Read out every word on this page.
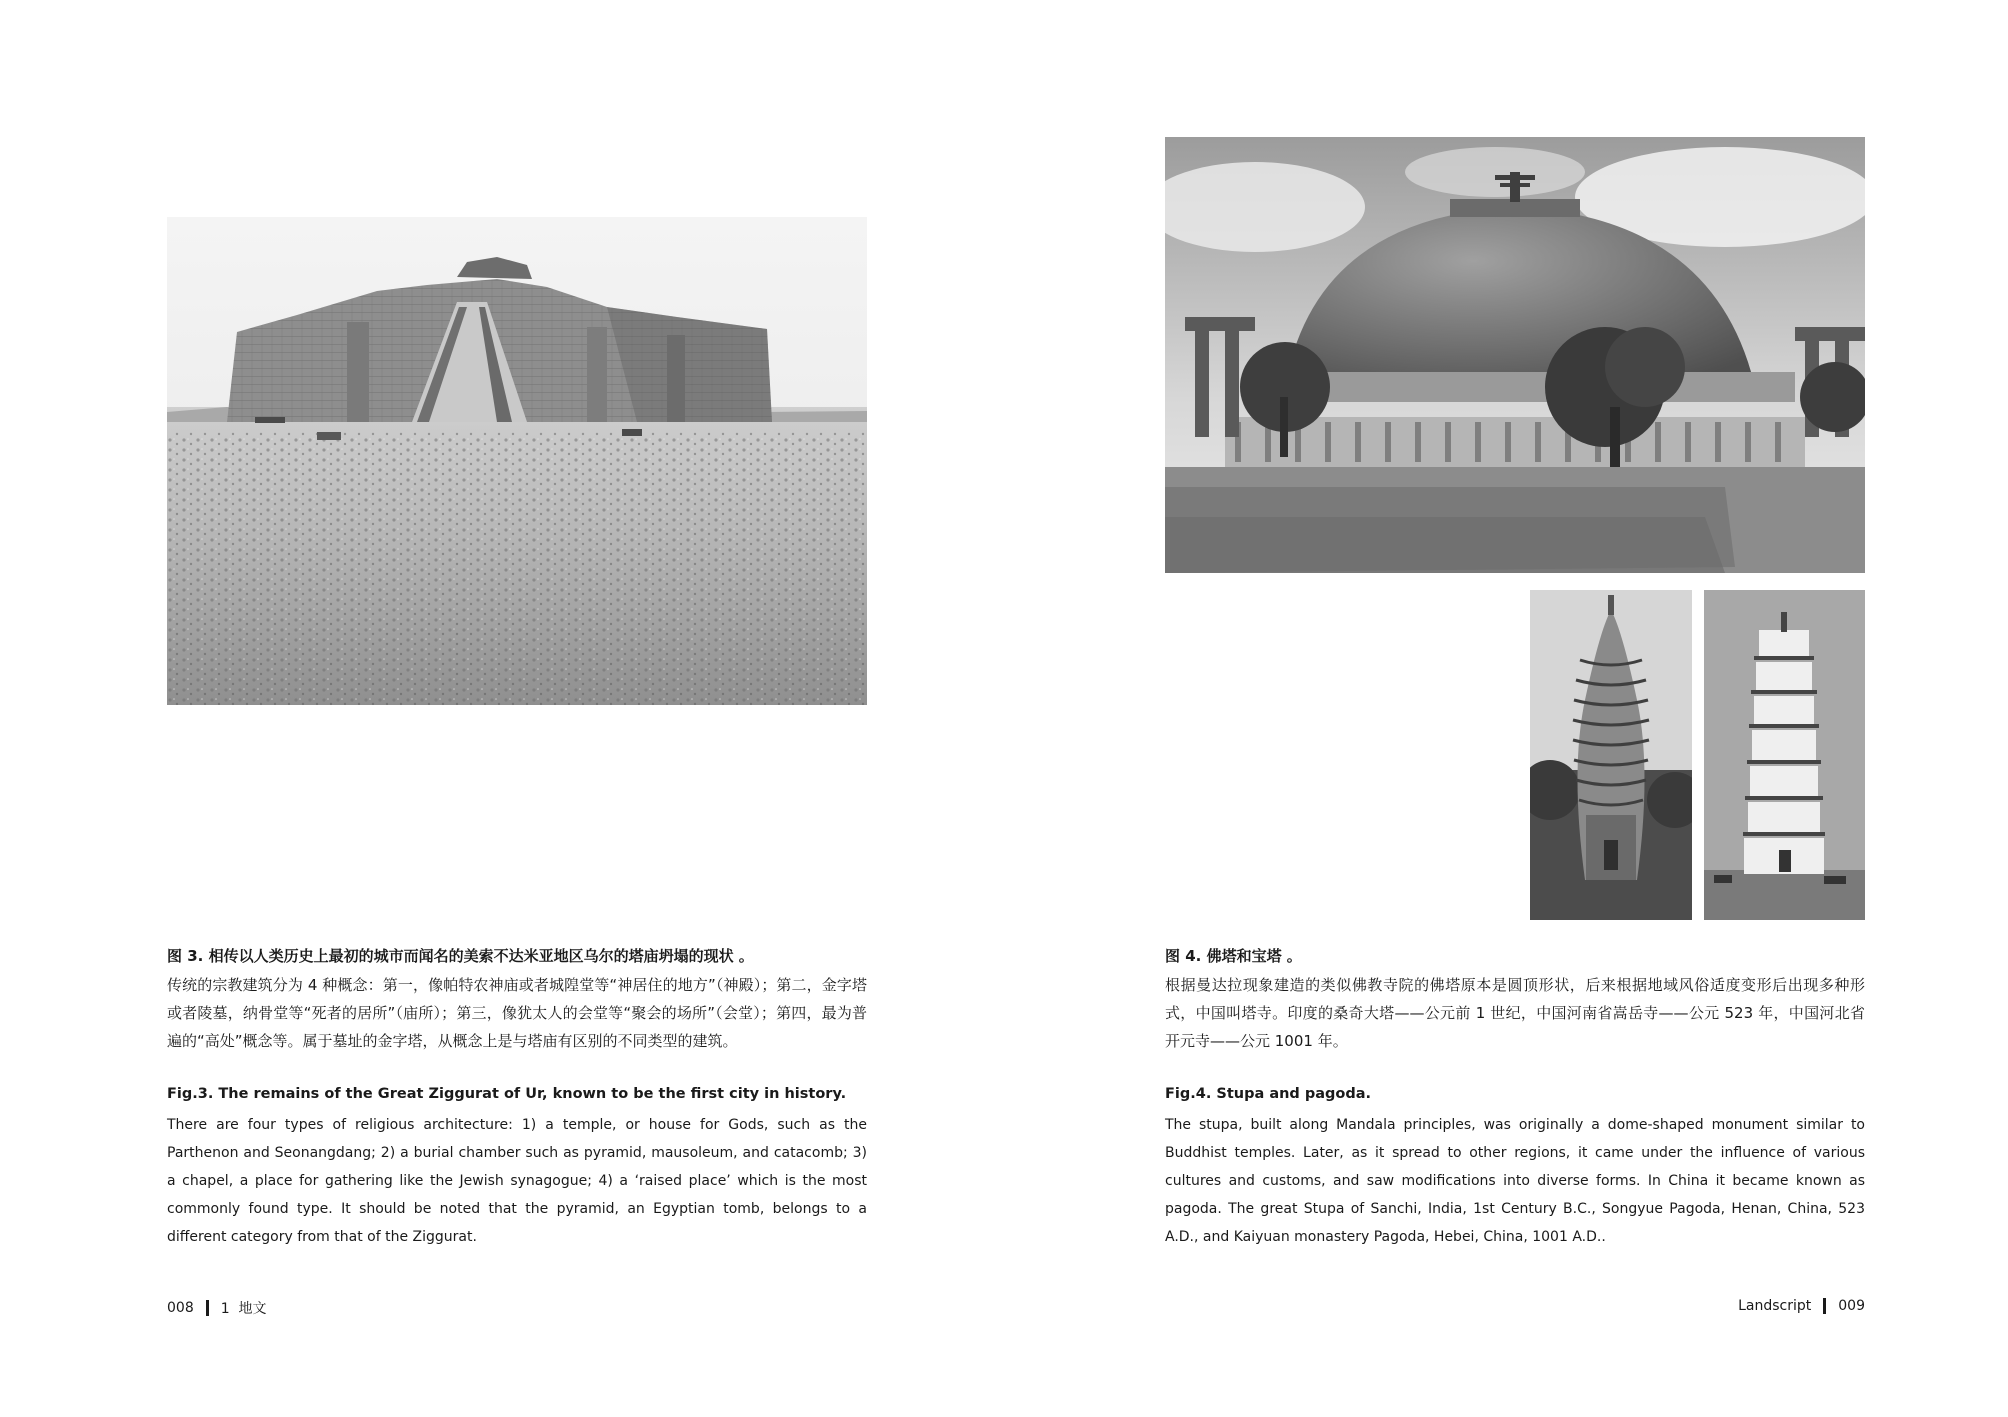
图 3. 相传以人类历史上最初的城市而闻名的美索不达米亚地区乌尔的塔庙坍塌的现状 。

传统的宗教建筑分为 4 种概念：第一，像帕特农神庙或者城隍堂等“神居住的地方”（神殿）；第二，金字塔或者陵墓，纳骨堂等“死者的居所”（庙所）；第三，像犹太人的会堂等“聚会的场所”（会堂）；第四，最为普遍的“高处”概念等。属于墓址的金字塔，从概念上是与塔庙有区别的不同类型的建筑。

Fig.3. The remains of the Great Ziggurat of Ur, known to be the first city in history.

There are four types of religious architecture: 1) a temple, or house for Gods, such as the Parthenon and Seonangdang; 2) a burial chamber such as pyramid, mausoleum, and catacomb; 3) a chapel, a place for gathering like the Jewish synagogue; 4) a ‘raised place’ which is the most commonly found type. It should be noted that the pyramid, an Egyptian tomb, belongs to a different category from that of the Ziggurat.

008 1  地文

图 4. 佛塔和宝塔 。

根据曼达拉现象建造的类似佛教寺院的佛塔原本是圆顶形状，后来根据地域风俗适度变形后出现多种形式，中国叫塔寺。印度的桑奇大塔——公元前 1 世纪，中国河南省嵩岳寺——公元 523 年，中国河北省开元寺——公元 1001 年。

Fig.4. Stupa and pagoda.

The stupa, built along Mandala principles, was originally a dome-shaped monument similar to Buddhist temples. Later, as it spread to other regions, it came under the influence of various cultures and customs, and saw modifications into diverse forms. In China it became known as pagoda. The great Stupa of Sanchi, India, 1st Century B.C., Songyue Pagoda, Henan, China, 523 A.D., and Kaiyuan monastery Pagoda, Hebei, China, 1001 A.D..

Landscript 009
